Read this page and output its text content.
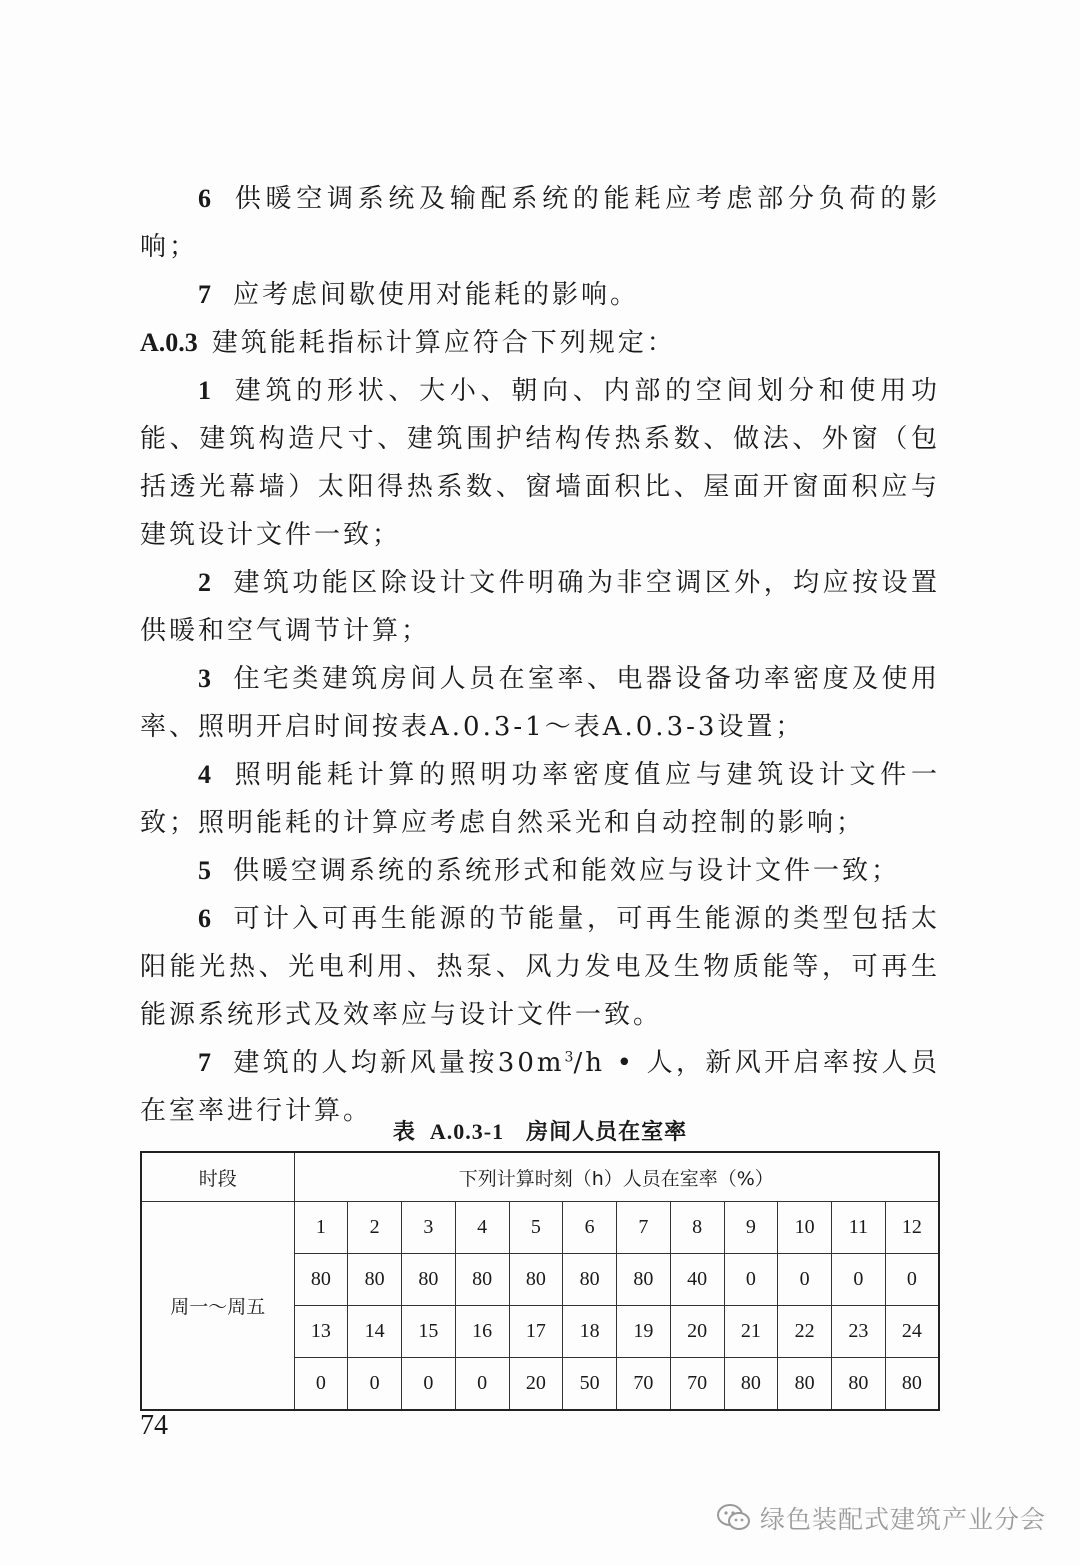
6 供暖空调系统及输配系统的能耗应考虑部分负荷的影响；

7 应考虑间歇使用对能耗的影响。

A.0.3 建筑能耗指标计算应符合下列规定：

1 建筑的形状、大小、朝向、内部的空间划分和使用功能、建筑构造尺寸、建筑围护结构传热系数、做法、外窗（包括透光幕墙）太阳得热系数、窗墙面积比、屋面开窗面积应与建筑设计文件一致；

2 建筑功能区除设计文件明确为非空调区外，均应按设置供暖和空气调节计算；

3 住宅类建筑房间人员在室率、电器设备功率密度及使用率、照明开启时间按表A.0.3-1～表A.0.3-3设置；

4 照明能耗计算的照明功率密度值应与建筑设计文件一致；照明能耗的计算应考虑自然采光和自动控制的影响；

5 供暖空调系统的系统形式和能效应与设计文件一致；

6 可计入可再生能源的节能量，可再生能源的类型包括太阳能光热、光电利用、热泵、风力发电及生物质能等，可再生能源系统形式及效率应与设计文件一致。

7 建筑的人均新风量按$30m^3/h$ • 人，新风开启率按人员在室率进行计算。

表 A.0.3-1 房间人员在室率
时段	下列计算时刻（h）人员在室率（%）											
周一～周五	1	2	3	4	5	6	7	8	9	10	11	12
	80	80	80	80	80	80	80	40	0	0	0	0
	13	14	15	16	17	18	19	20	21	22	23	24
	0	0	0	0	20	50	70	70	80	80	80	80
74
绿色装配式建筑产业分会
